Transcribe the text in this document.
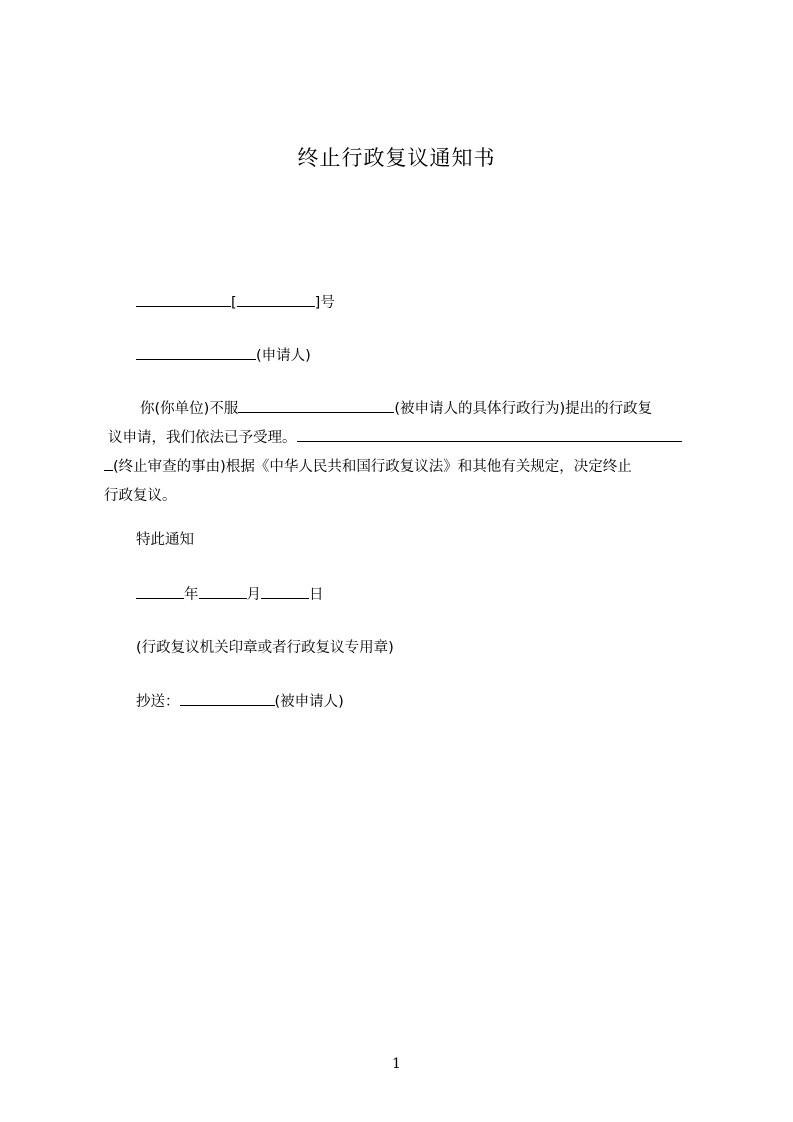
终止行政复议通知书
[	]号
(申请人)
你(你单位)不服	(被申请人的具体行政行为)提出的行政复
议申请，我们依法已予受理。
(终止审查的事由)根据《中华人民共和国行政复议法》和其他有关规定，决定终止
行政复议。
特此通知
年	月	日
(行政复议机关印章或者行政复议专用章)
抄送：	(被申请人)
1
